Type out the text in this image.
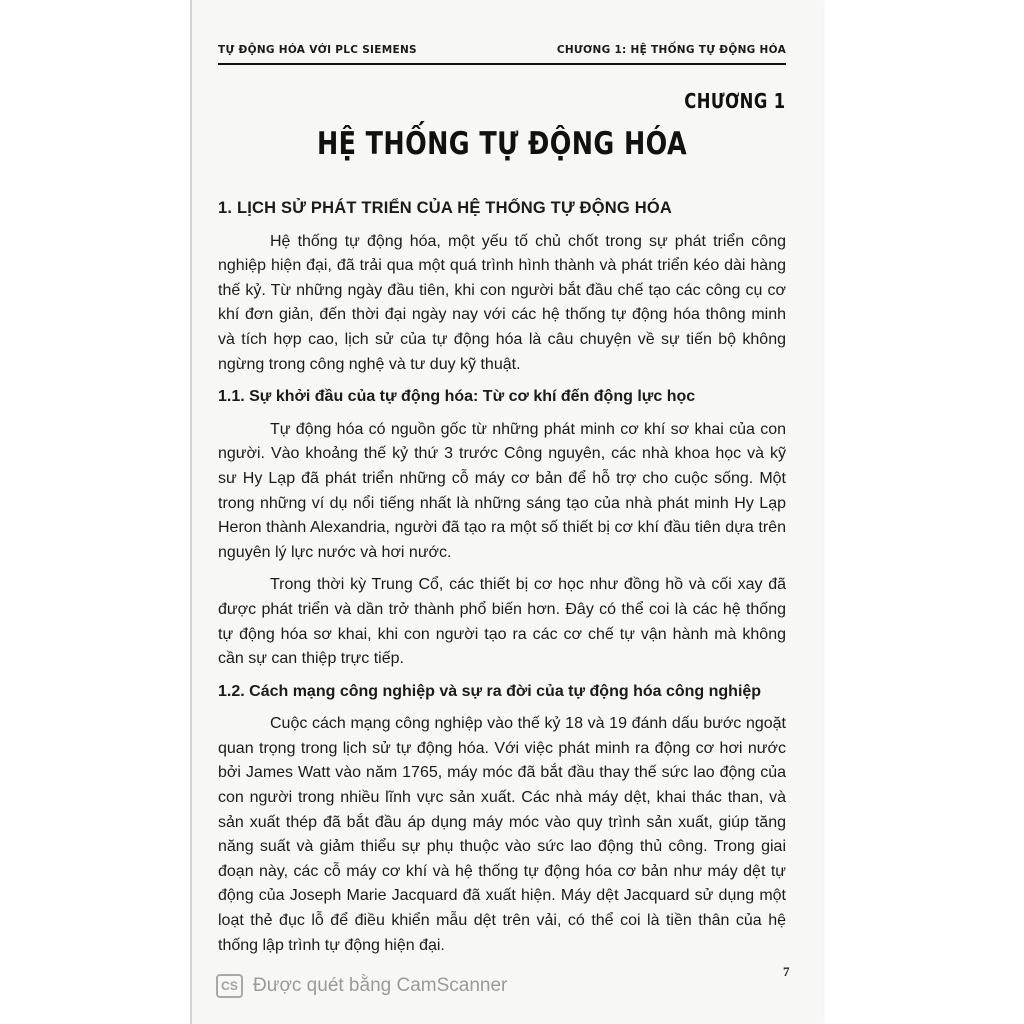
TỰ ĐỘNG HÓA VỚI PLC SIEMENS	CHƯƠNG 1: HỆ THỐNG TỰ ĐỘNG HÓA
CHƯƠNG 1
HỆ THỐNG TỰ ĐỘNG HÓA
1. LỊCH SỬ PHÁT TRIỂN CỦA HỆ THỐNG TỰ ĐỘNG HÓA

Hệ thống tự động hóa, một yếu tố chủ chốt trong sự phát triển công nghiệp hiện đại, đã trải qua một quá trình hình thành và phát triển kéo dài hàng thế kỷ. Từ những ngày đầu tiên, khi con người bắt đầu chế tạo các công cụ cơ khí đơn giản, đến thời đại ngày nay với các hệ thống tự động hóa thông minh và tích hợp cao, lịch sử của tự động hóa là câu chuyện về sự tiến bộ không ngừng trong công nghệ và tư duy kỹ thuật.

1.1. Sự khởi đầu của tự động hóa: Từ cơ khí đến động lực học

Tự động hóa có nguồn gốc từ những phát minh cơ khí sơ khai của con người. Vào khoảng thế kỷ thứ 3 trước Công nguyên, các nhà khoa học và kỹ sư Hy Lạp đã phát triển những cỗ máy cơ bản để hỗ trợ cho cuộc sống. Một trong những ví dụ nổi tiếng nhất là những sáng tạo của nhà phát minh Hy Lạp Heron thành Alexandria, người đã tạo ra một số thiết bị cơ khí đầu tiên dựa trên nguyên lý lực nước và hơi nước.

Trong thời kỳ Trung Cổ, các thiết bị cơ học như đồng hồ và cối xay đã được phát triển và dần trở thành phổ biến hơn. Đây có thể coi là các hệ thống tự động hóa sơ khai, khi con người tạo ra các cơ chế tự vận hành mà không cần sự can thiệp trực tiếp.

1.2. Cách mạng công nghiệp và sự ra đời của tự động hóa công nghiệp

Cuộc cách mạng công nghiệp vào thế kỷ 18 và 19 đánh dấu bước ngoặt quan trọng trong lịch sử tự động hóa. Với việc phát minh ra động cơ hơi nước bởi James Watt vào năm 1765, máy móc đã bắt đầu thay thế sức lao động của con người trong nhiều lĩnh vực sản xuất. Các nhà máy dệt, khai thác than, và sản xuất thép đã bắt đầu áp dụng máy móc vào quy trình sản xuất, giúp tăng năng suất và giảm thiểu sự phụ thuộc vào sức lao động thủ công. Trong giai đoạn này, các cỗ máy cơ khí và hệ thống tự động hóa cơ bản như máy dệt tự động của Joseph Marie Jacquard đã xuất hiện. Máy dệt Jacquard sử dụng một loạt thẻ đục lỗ để điều khiển mẫu dệt trên vải, có thể coi là tiền thân của hệ thống lập trình tự động hiện đại.

7
CS Được quét bằng CamScanner
